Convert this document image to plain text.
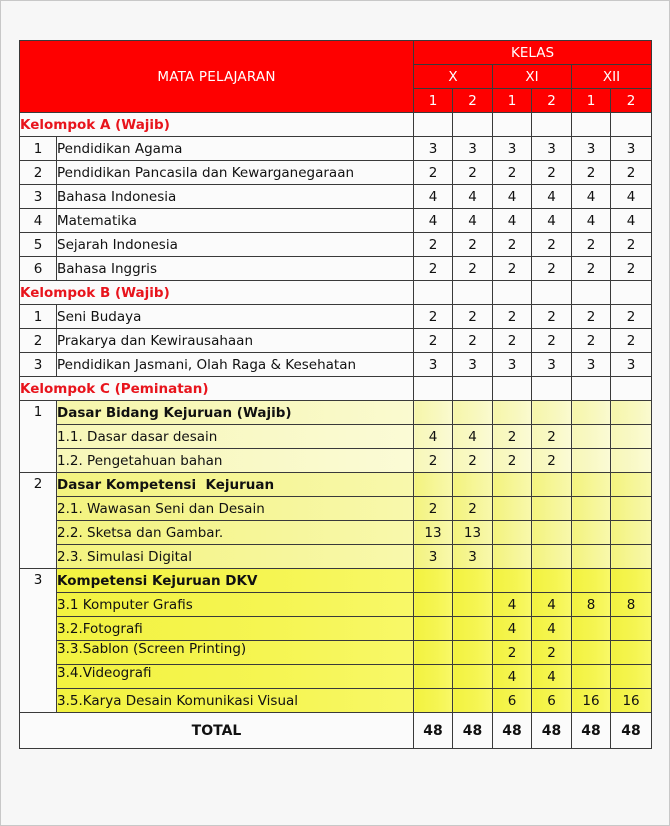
MATA PELAJARAN		KELAS					
		X		XI		XII	
		1	2	1	2	1	2
Kelompok A (Wajib)							
1	Pendidikan Agama	3	3	3	3	3	3
2	Pendidikan Pancasila dan Kewarganegaraan	2	2	2	2	2	2
3	Bahasa Indonesia	4	4	4	4	4	4
4	Matematika	4	4	4	4	4	4
5	Sejarah Indonesia	2	2	2	2	2	2
6	Bahasa Inggris	2	2	2	2	2	2
Kelompok B (Wajib)							
1	Seni Budaya	2	2	2	2	2	2
2	Prakarya dan Kewirausahaan	2	2	2	2	2	2
3	Pendidikan Jasmani, Olah Raga & Kesehatan	3	3	3	3	3	3
Kelompok C (Peminatan)							
1	Dasar Bidang Kejuruan (Wajib)						
	1.1. Dasar dasar desain	4	4	2	2		
	1.2. Pengetahuan bahan	2	2	2	2		
2	Dasar Kompetensi  Kejuruan						
	2.1. Wawasan Seni dan Desain	2	2				
	2.2. Sketsa dan Gambar.	13	13				
	2.3. Simulasi Digital	3	3				
3	Kompetensi Kejuruan DKV						
	3.1 Komputer Grafis			4	4	8	8
	3.2.Fotografi			4	4		
	3.3.Sablon (Screen Printing)			2	2		
	3.4.Videografi			4	4		
	3.5.Karya Desain Komunikasi Visual			6	6	16	16
TOTAL		48	48	48	48	48	48
